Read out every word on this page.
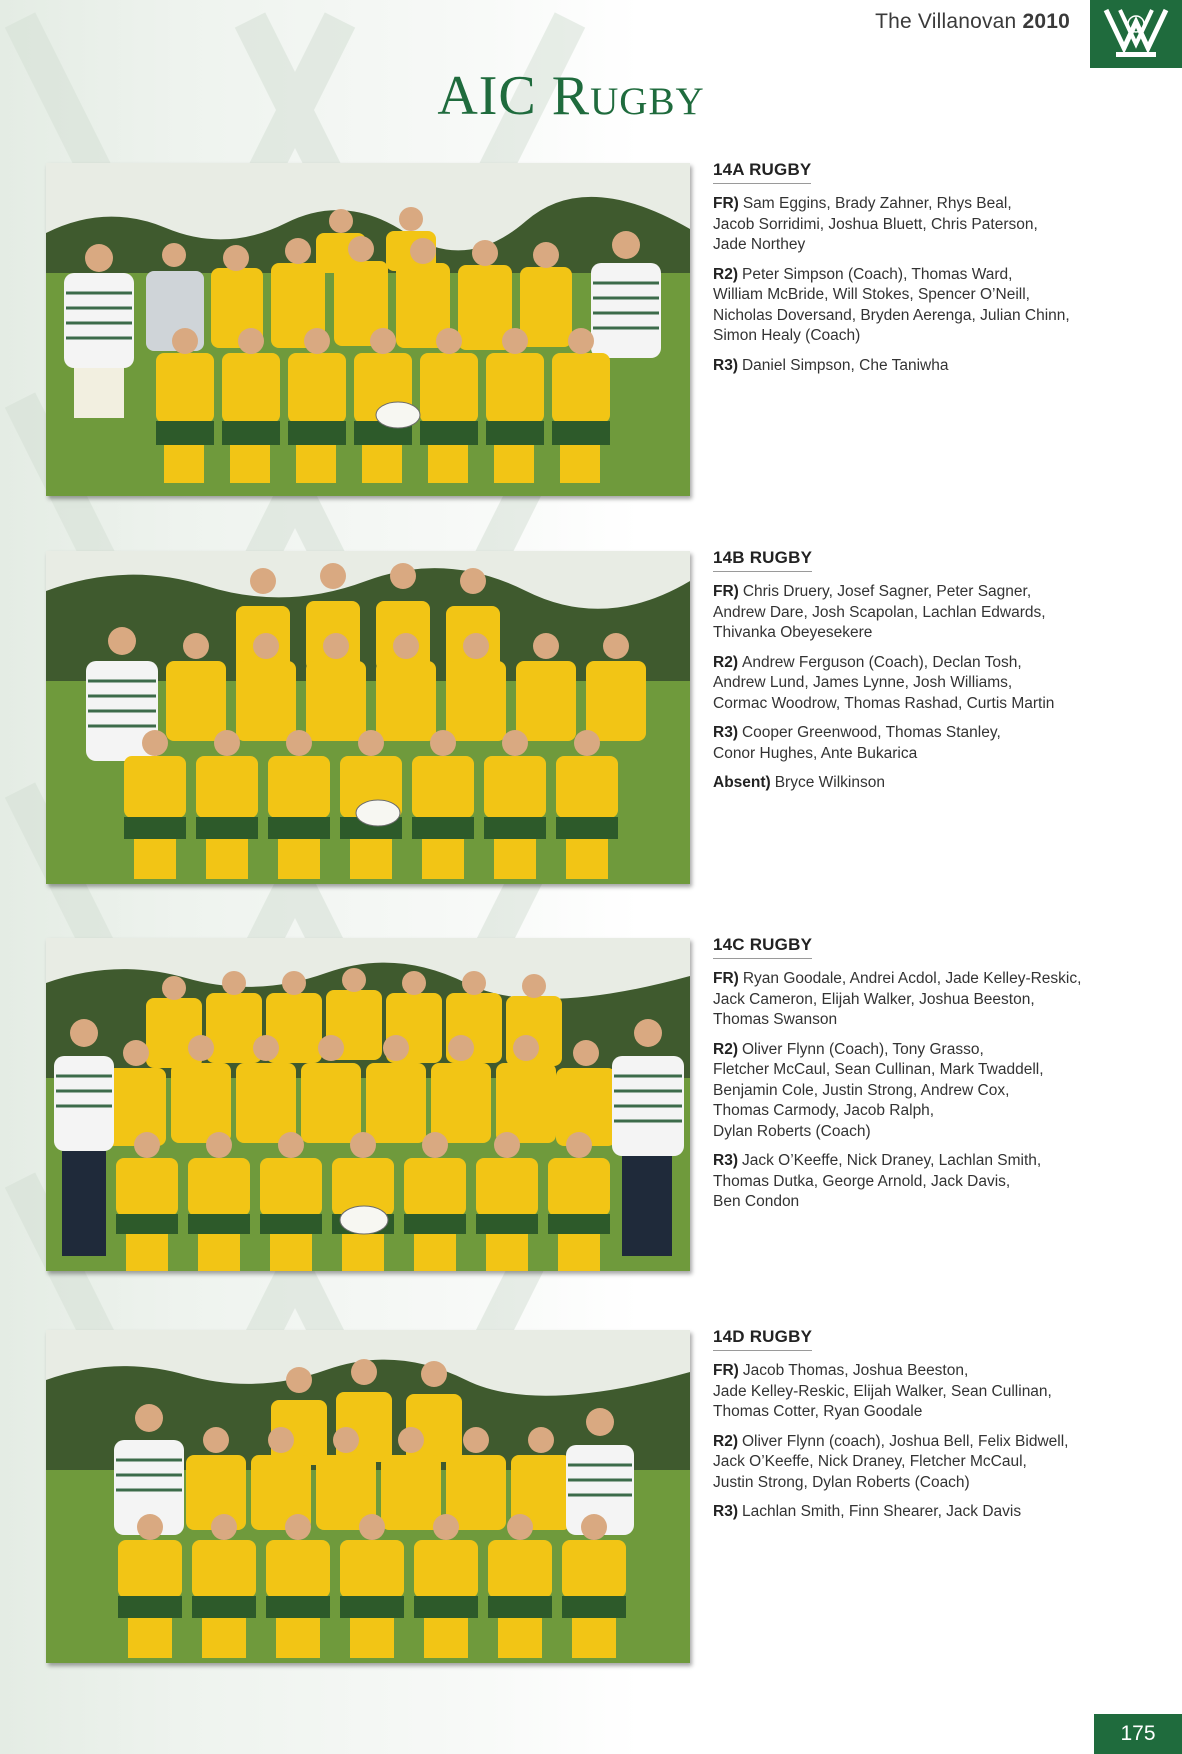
The Villanovan 2010
AIC Rugby
14A RUGBY

FR) Sam Eggins, Brady Zahner, Rhys Beal,
Jacob Sorridimi, Joshua Bluett, Chris Paterson,
Jade Northey

R2) Peter Simpson (Coach), Thomas Ward,
William McBride, Will Stokes, Spencer O’Neill,
Nicholas Doversand, Bryden Aerenga, Julian Chinn,
Simon Healy (Coach)

R3) Daniel Simpson, Che Taniwha

14B RUGBY

FR) Chris Druery, Josef Sagner, Peter Sagner,
Andrew Dare, Josh Scapolan, Lachlan Edwards,
Thivanka Obeyesekere

R2) Andrew Ferguson (Coach), Declan Tosh,
Andrew Lund, James Lynne, Josh Williams,
Cormac Woodrow, Thomas Rashad, Curtis Martin

R3) Cooper Greenwood, Thomas Stanley,
Conor Hughes, Ante Bukarica

Absent) Bryce Wilkinson

14C RUGBY

FR) Ryan Goodale, Andrei Acdol, Jade Kelley-Reskic,
Jack Cameron, Elijah Walker, Joshua Beeston,
Thomas Swanson

R2) Oliver Flynn (Coach), Tony Grasso,
Fletcher McCaul, Sean Cullinan, Mark Twaddell,
Benjamin Cole, Justin Strong, Andrew Cox,
Thomas Carmody, Jacob Ralph,
Dylan Roberts (Coach)

R3) Jack O’Keeffe, Nick Draney, Lachlan Smith,
Thomas Dutka, George Arnold, Jack Davis,
Ben Condon

14D RUGBY

FR) Jacob Thomas, Joshua Beeston,
Jade Kelley-Reskic, Elijah Walker, Sean Cullinan,
Thomas Cotter, Ryan Goodale

R2) Oliver Flynn (coach), Joshua Bell, Felix Bidwell,
Jack O’Keeffe, Nick Draney, Fletcher McCaul,
Justin Strong, Dylan Roberts (Coach)

R3) Lachlan Smith, Finn Shearer, Jack Davis

175
